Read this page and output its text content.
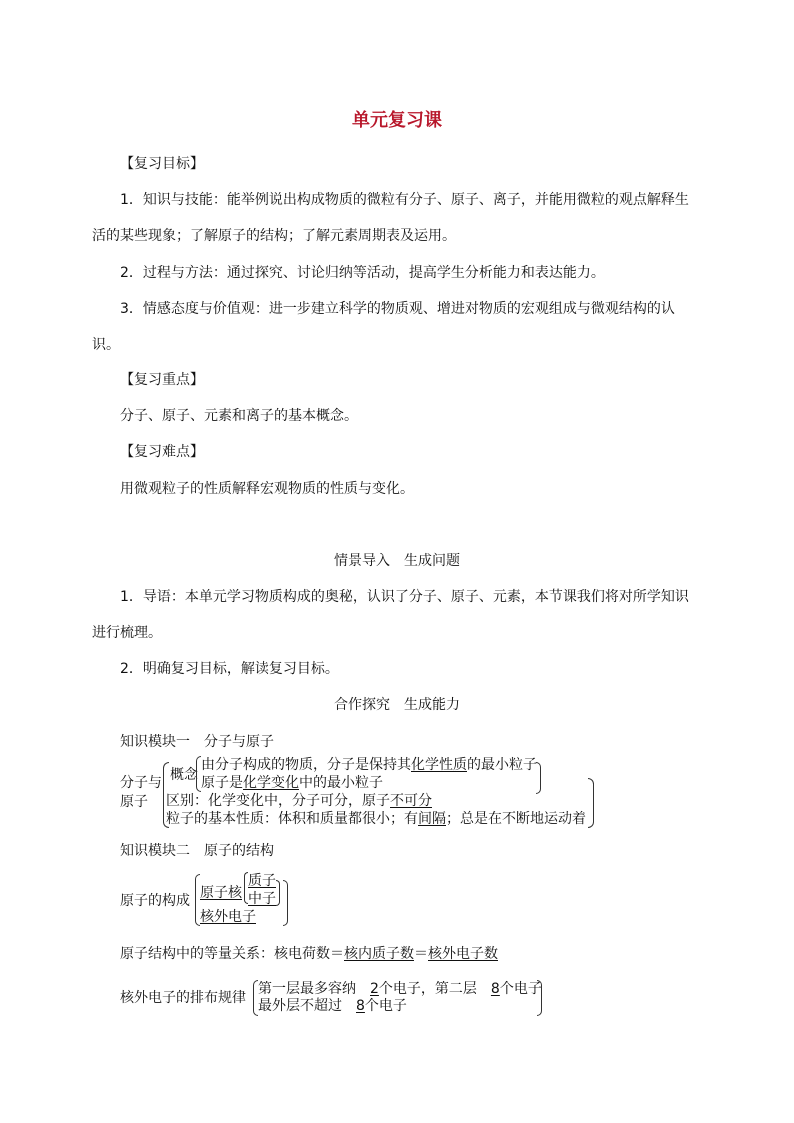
单元复习课
【复习目标】
1．知识与技能：能举例说出构成物质的微粒有分子、原子、离子，并能用微粒的观点解释生
活的某些现象；了解原子的结构；了解元素周期表及运用。
2．过程与方法：通过探究、讨论归纳等活动，提高学生分析能力和表达能力。
3．情感态度与价值观：进一步建立科学的物质观、增进对物质的宏观组成与微观结构的认
识。
【复习重点】
分子、原子、元素和离子的基本概念。
【复习难点】
用微观粒子的性质解释宏观物质的性质与变化。
情景导入　生成问题
1．导语：本单元学习物质构成的奥秘，认识了分子、原子、元素，本节课我们将对所学知识
进行梳理。
2．明确复习目标，解读复习目标。
合作探究　生成能力
知识模块一　分子与原子
分子与
原子
概念
由分子构成的物质，分子是保持其化学性质的最小粒子
原子是化学变化中的最小粒子
区别：化学变化中，分子可分，原子不可分
粒子的基本性质：体积和质量都很小；有间隔；总是在不断地运动着
知识模块二　原子的结构
原子的构成 原子核
质子
中子
核外电子
原子结构中的等量关系：核电荷数＝核内质子数＝核外电子数
核外电子的排布规律
第一层最多容纳　2个电子，第二层　8个电子
最外层不超过　8个电子
